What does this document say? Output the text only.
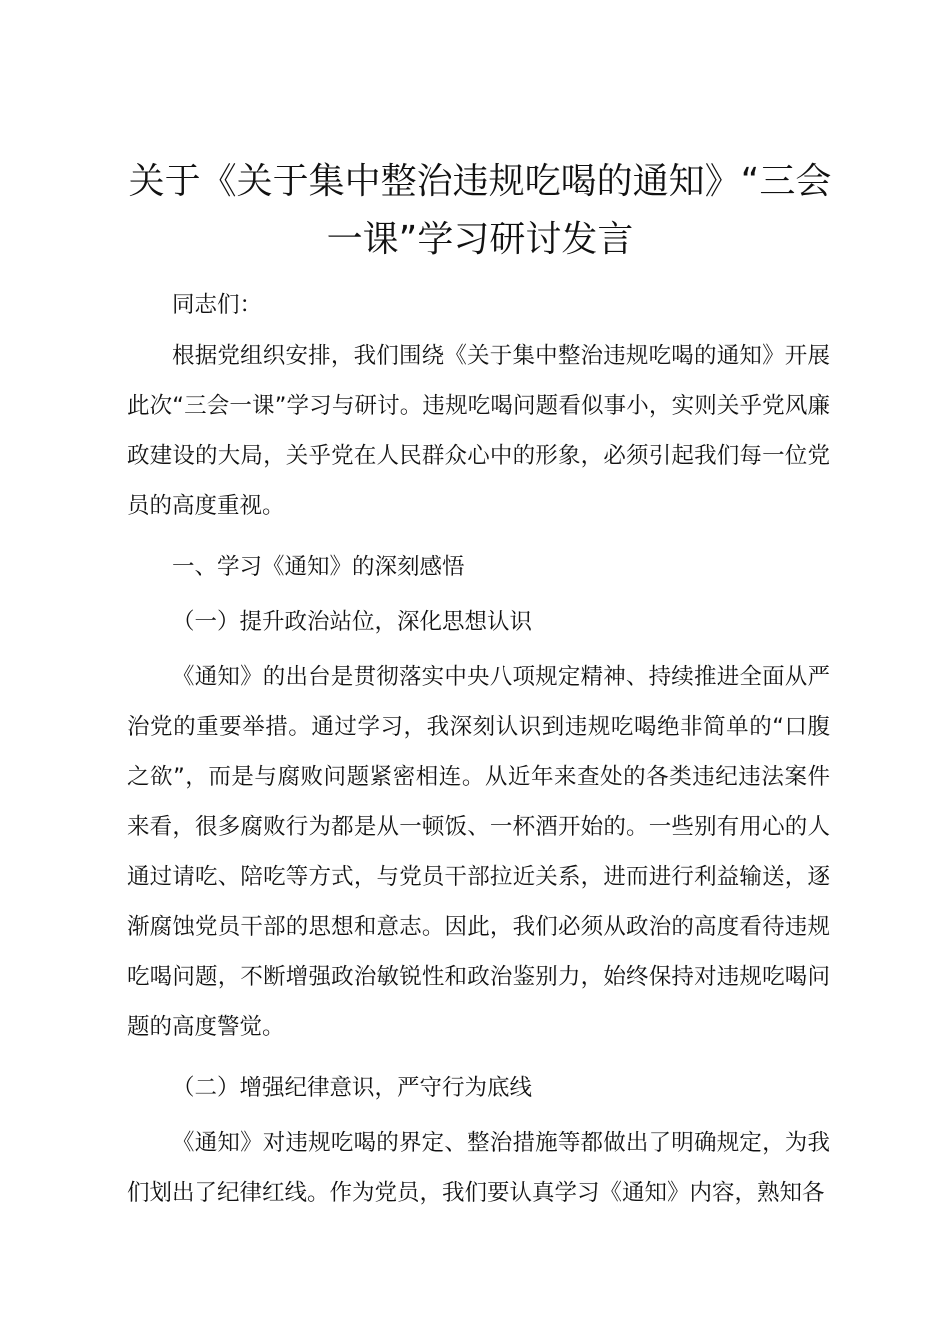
关于《关于集中整治违规吃喝的通知》“三会
一课”学习研讨发言

同志们：

根据党组织安排，我们围绕《关于集中整治违规吃喝的通知》开展此次“三会一课”学习与研讨。违规吃喝问题看似事小，实则关乎党风廉政建设的大局，关乎党在人民群众心中的形象，必须引起我们每一位党员的高度重视。

一、学习《通知》的深刻感悟

（一）提升政治站位，深化思想认识

《通知》的出台是贯彻落实中央八项规定精神、持续推进全面从严治党的重要举措。通过学习，我深刻认识到违规吃喝绝非简单的“口腹之欲”，而是与腐败问题紧密相连。从近年来查处的各类违纪违法案件来看，很多腐败行为都是从一顿饭、一杯酒开始的。一些别有用心的人通过请吃、陪吃等方式，与党员干部拉近关系，进而进行利益输送，逐渐腐蚀党员干部的思想和意志。因此，我们必须从政治的高度看待违规吃喝问题，不断增强政治敏锐性和政治鉴别力，始终保持对违规吃喝问题的高度警觉。

（二）增强纪律意识，严守行为底线

《通知》对违规吃喝的界定、整治措施等都做出了明确规定，为我们划出了纪律红线。作为党员，我们要认真学习《通知》内容，熟知各
